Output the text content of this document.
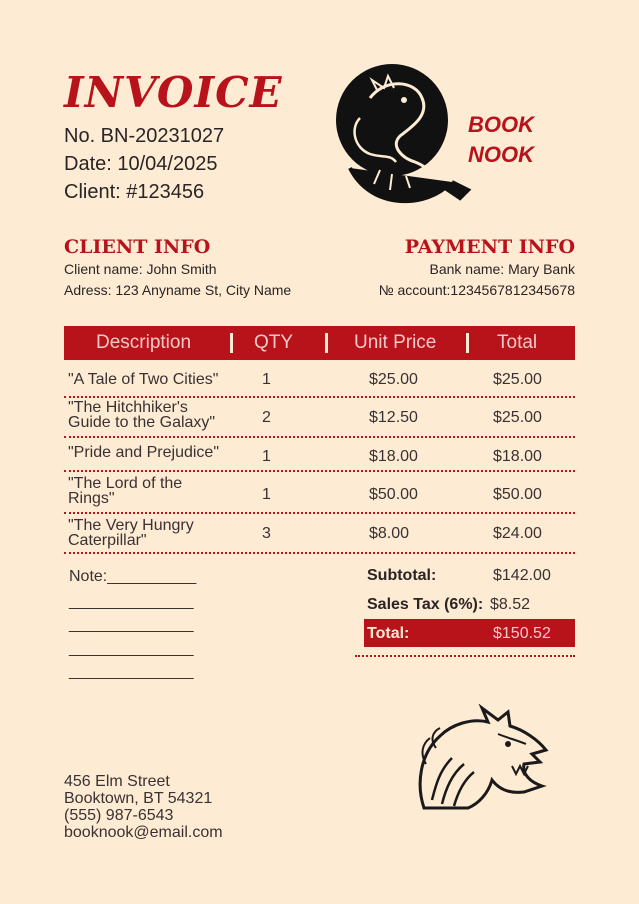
INVOICE
No. BN-20231027
Date: 10/04/2025
Client: #123456
BOOK
NOOK
CLIENT INFO
Client name: John Smith
Adress: 123 Anyname St, City Name
PAYMENT INFO
Bank name: Mary Bank
№ account:1234567812345678
Description	QTY	Unit Price	Total
"A Tale of Two Cities"	1	$25.00	$25.00
"The Hitchhiker's Guide to the Galaxy"	2	$12.50	$25.00
"Pride and Prejudice"	1	$18.00	$18.00
"The Lord of the Rings"	1	$50.00	$50.00
"The Very Hungry Caterpillar"	3	$8.00	$24.00
Note:__________
______________
______________
______________
______________
Subtotal:	$142.00
Sales Tax (6%): $8.52
Total:	$150.52
456 Elm Street
Booktown, BT 54321
(555) 987-6543
booknook@email.com
